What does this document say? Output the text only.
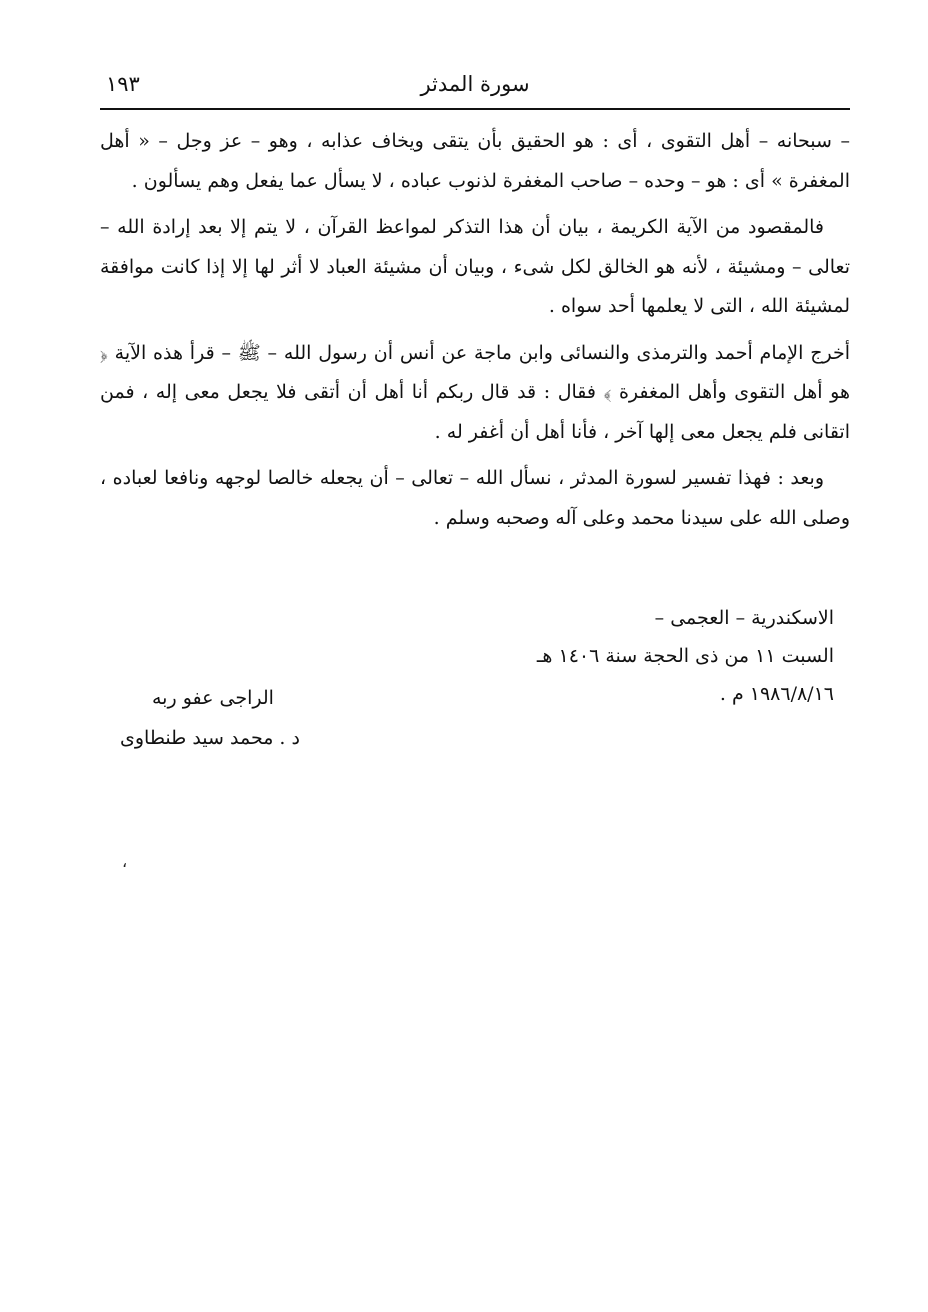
١٩٣	سورة المدثر

– سبحانه – أهل التقوى ، أى : هو الحقيق بأن يتقى ويخاف عذابه ، وهو – عز وجل – « أهل المغفرة » أى : هو – وحده – صاحب المغفرة لذنوب عباده ، لا يسأل عما يفعل وهم يسألون .

فالمقصود من الآية الكريمة ، بيان أن هذا التذكر لمواعظ القرآن ، لا يتم إلا بعد إرادة الله – تعالى – ومشيئة ، لأنه هو الخالق لكل شىء ، وبيان أن مشيئة العباد لا أثر لها إلا إذا كانت موافقة لمشيئة الله ، التى لا يعلمها أحد سواه .

أخرج الإمام أحمد والترمذى والنسائى وابن ماجة عن أنس أن رسول الله – ﷺ – قرأ هذه الآية ﴿ هو أهل التقوى وأهل المغفرة ﴾ فقال : قد قال ربكم أنا أهل أن أتقى فلا يجعل معى إله ، فمن اتقانى فلم يجعل معى إلها آخر ، فأنا أهل أن أغفر له .

وبعد : فهذا تفسير لسورة المدثر ، نسأل الله – تعالى – أن يجعله خالصا لوجهه ونافعا لعباده ، وصلى الله على سيدنا محمد وعلى آله وصحبه وسلم .

الاسكندرية – العجمى –
السبت ١١ من ذى الحجة سنة ١٤٠٦ هـ
١٩٨٦/٨/١٦ م .
الراجى عفو ربه
د . محمد سيد طنطاوى
،
